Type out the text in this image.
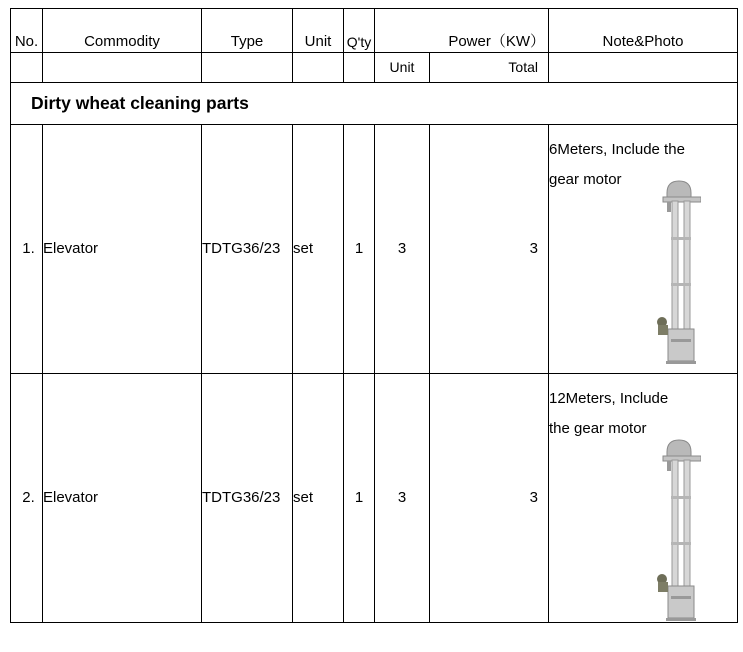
No.	Commodity	Type	Unit	Q'ty	Power（KW）		Note&Photo
					Unit	Total	
Dirty wheat cleaning parts							
1.	Elevator	TDTG36/23	set	1	3	3	6Meters, Include the
gear motor

2.	Elevator	TDTG36/23	set	1	3	3	12Meters, Include
the gear motor
